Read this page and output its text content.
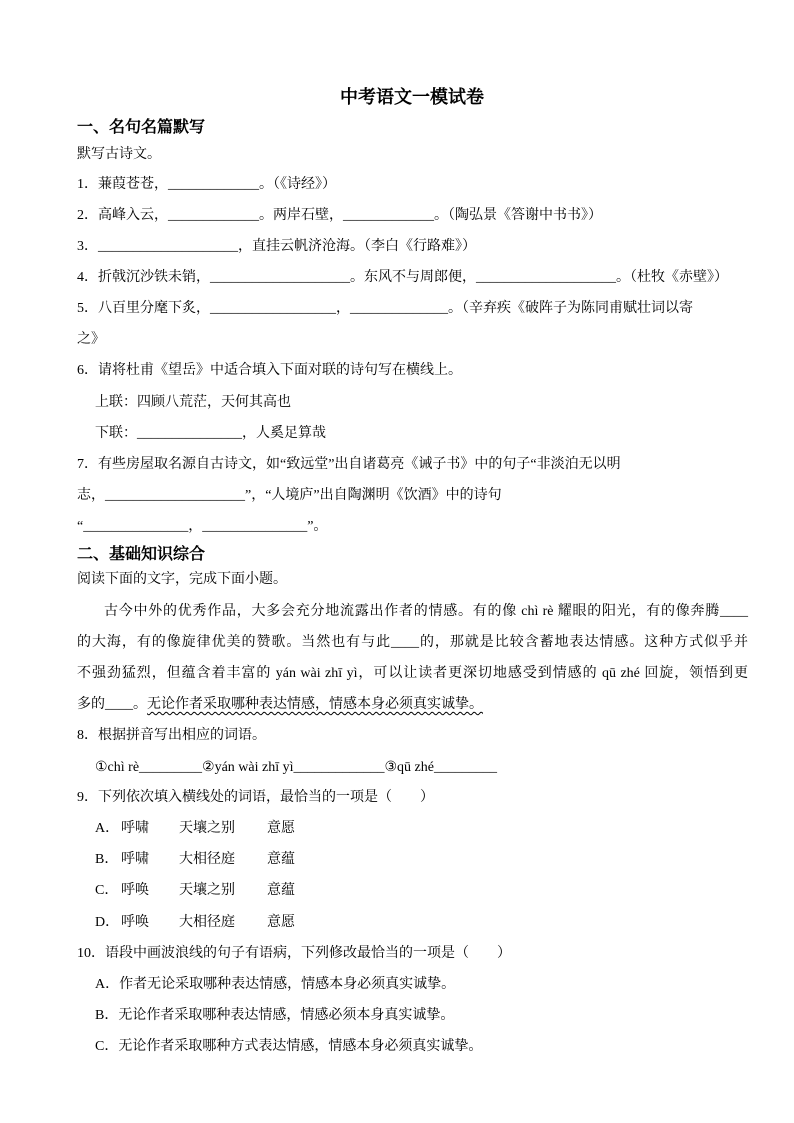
中考语文一模试卷
一、名句名篇默写
默写古诗文。
1．蒹葭苍苍，_____________。（《诗经》）
2．高峰入云，_____________。两岸石壁，_____________。（陶弘景《答谢中书书》）
3．____________________，直挂云帆济沧海。（李白《行路难》）
4．折戟沉沙铁未销，____________________。东风不与周郎便，____________________。（杜牧《赤壁》）
5．八百里分麾下炙，__________________，______________。（辛弃疾《破阵子为陈同甫赋壮词以寄
之》
6．请将杜甫《望岳》中适合填入下面对联的诗句写在横线上。
上联：四顾八荒茫，天何其高也
下联：_______________，人奚足算哉
7．有些房屋取名源自古诗文，如“致远堂”出自诸葛亮《诫子书》中的句子“非淡泊无以明
志，____________________”，“人境庐”出自陶渊明《饮酒》中的诗句
“_______________，_______________”。
二、基础知识综合
阅读下面的文字，完成下面小题。
古今中外的优秀作品，大多会充分地流露出作者的情感。有的像 chì rè 耀眼的阳光，有的像奔腾____
的大海，有的像旋律优美的赞歌。当然也有与此____的，那就是比较含蓄地表达情感。这种方式似乎并
不强劲猛烈，但蕴含着丰富的 yán wài zhī yì，可以让读者更深切地感受到情感的 qū zhé 回旋，领悟到更
多的____。无论作者采取哪种表达情感，情感本身必须真实诚挚。
8．根据拼音写出相应的词语。
①chì rè_________②yán wài zhī yì_____________③qū zhé_________
9．下列依次填入横线处的词语，最恰当的一项是（　　）
A． 呼啸 天壤之别 意愿
B． 呼啸 大相径庭 意蕴
C． 呼唤 天壤之别 意蕴
D． 呼唤 大相径庭 意愿
10．语段中画波浪线的句子有语病，下列修改最恰当的一项是（　　）
A．作者无论采取哪种表达情感，情感本身必须真实诚挚。
B．无论作者采取哪种表达情感，情感必须本身真实诚挚。
C．无论作者采取哪种方式表达情感，情感本身必须真实诚挚。
